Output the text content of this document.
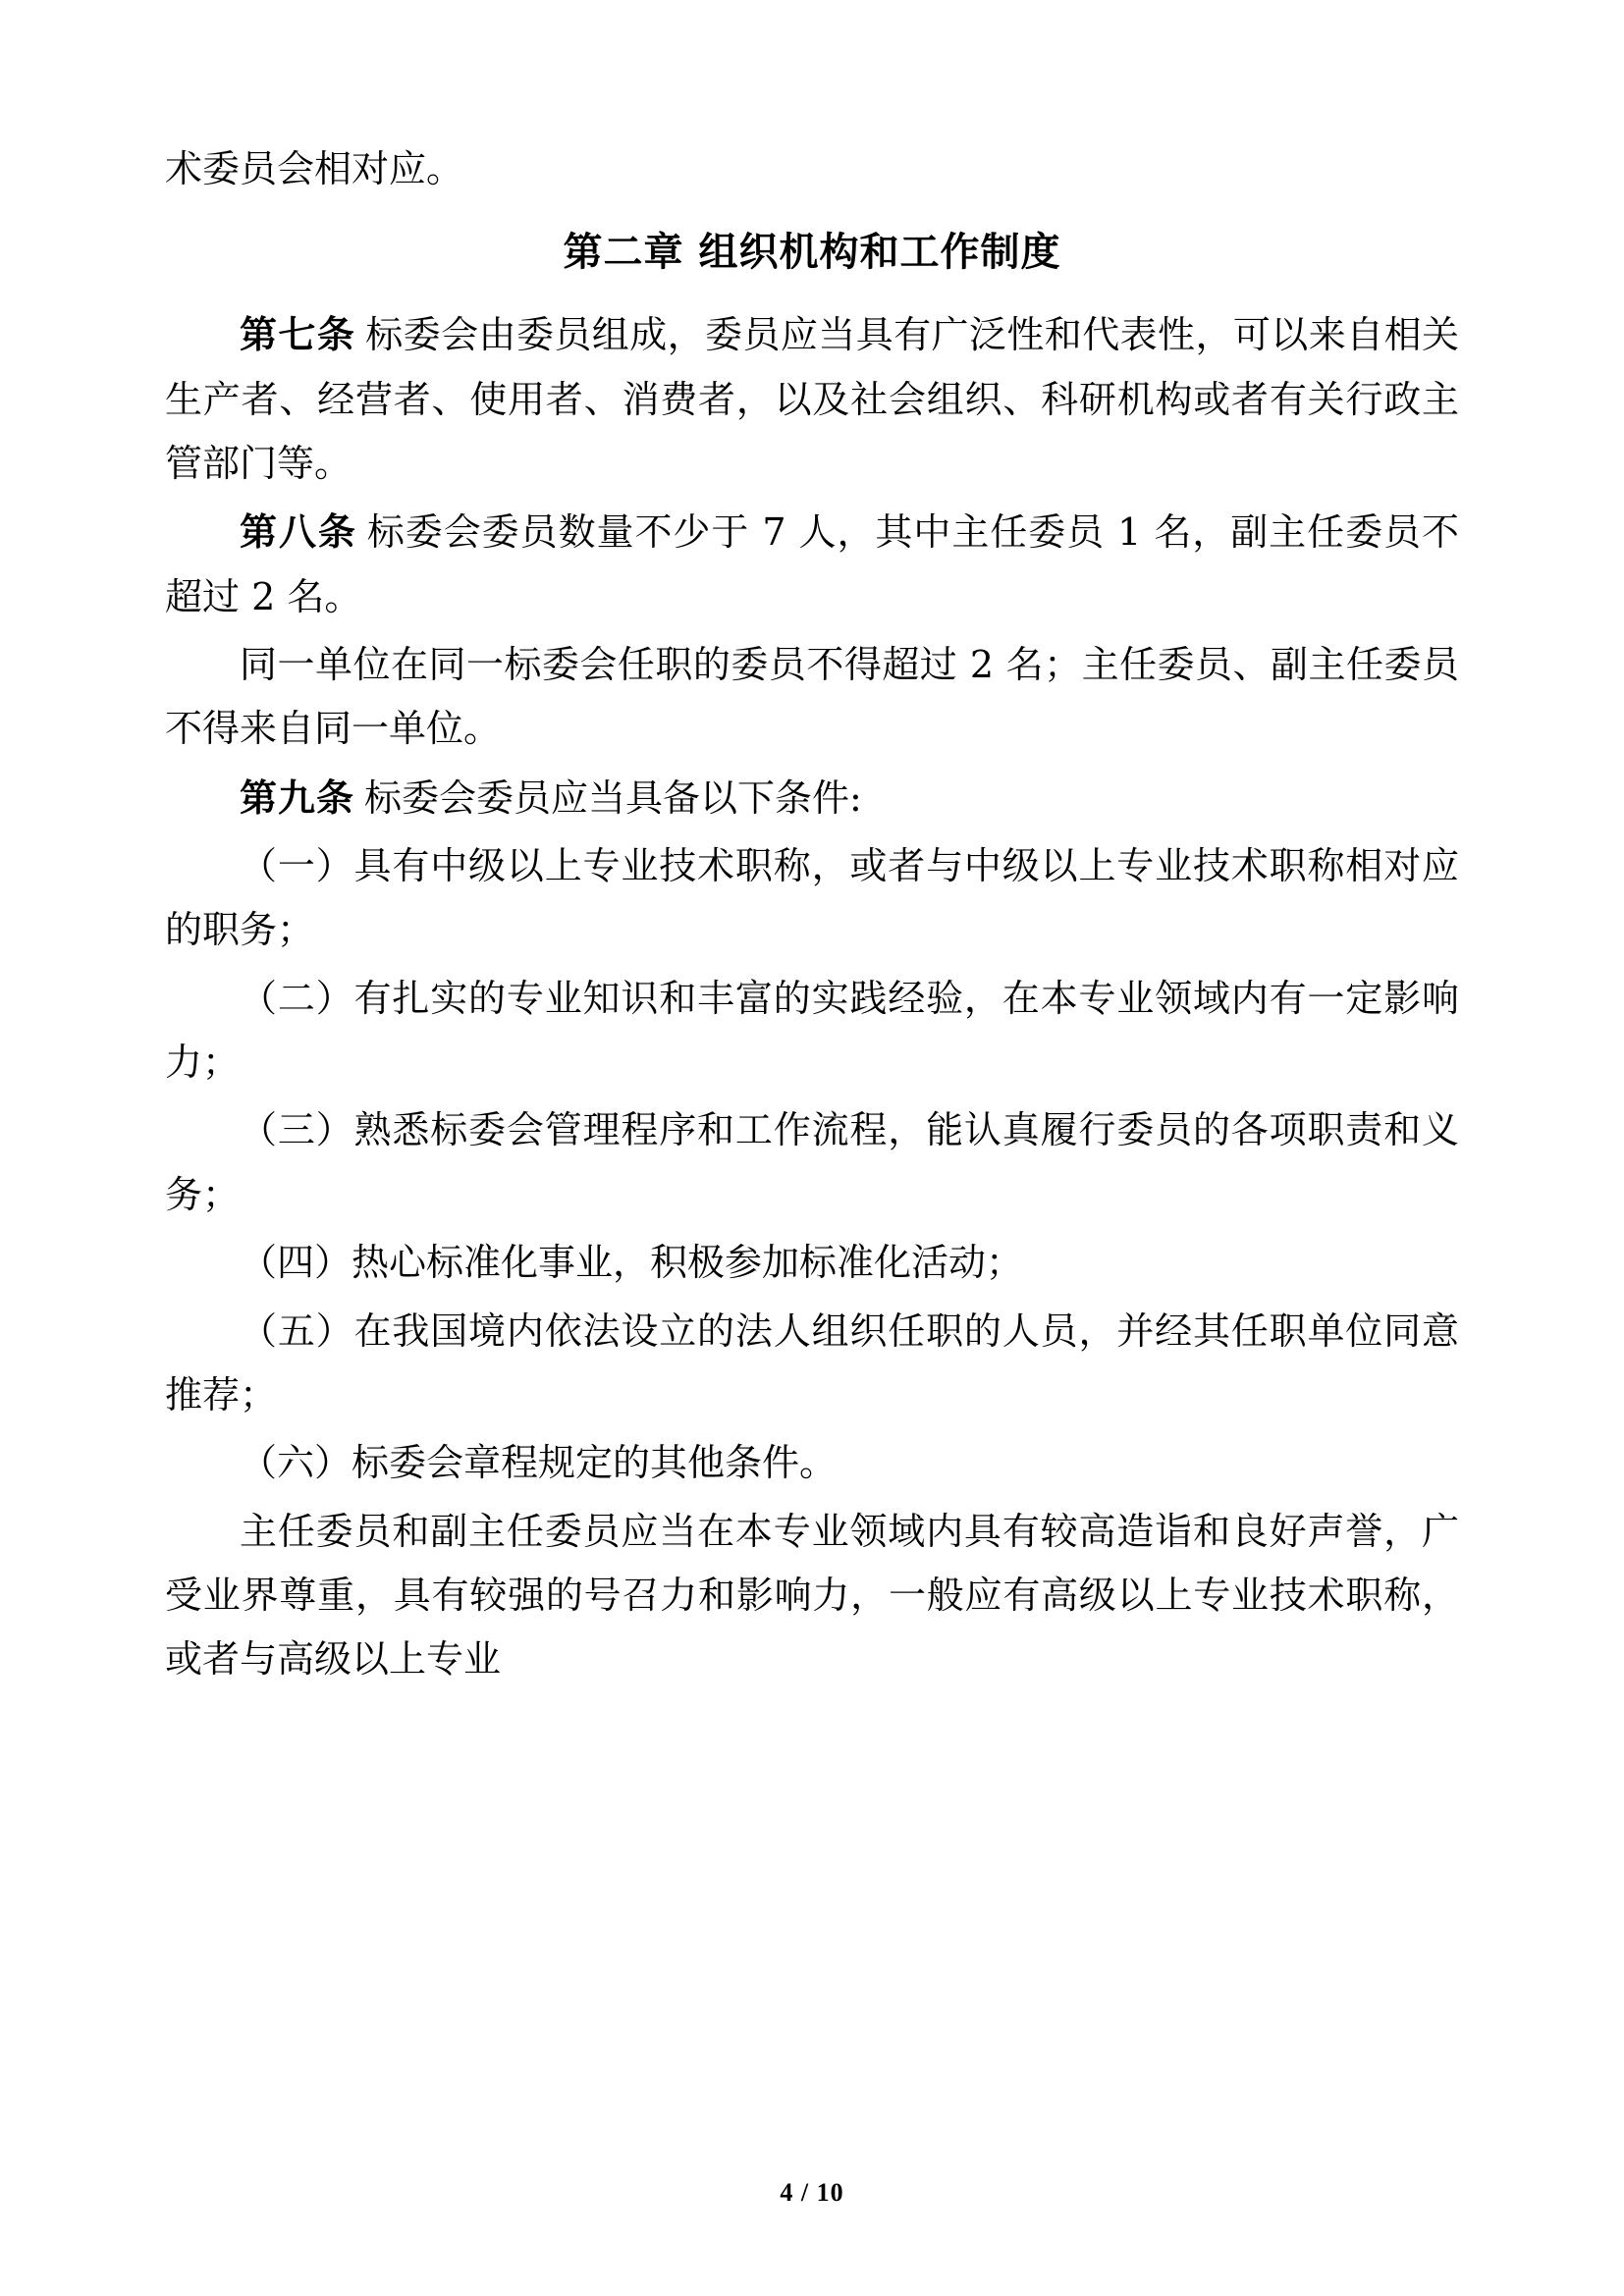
术委员会相对应。

第二章 组织机构和工作制度

第七条 标委会由委员组成，委员应当具有广泛性和代表性，可以来自相关生产者、经营者、使用者、消费者，以及社会组织、科研机构或者有关行政主管部门等。

第八条 标委会委员数量不少于 7 人，其中主任委员 1 名，副主任委员不超过 2 名。

同一单位在同一标委会任职的委员不得超过 2 名；主任委员、副主任委员不得来自同一单位。

第九条 标委会委员应当具备以下条件:

（一）具有中级以上专业技术职称，或者与中级以上专业技术职称相对应的职务；

（二）有扎实的专业知识和丰富的实践经验，在本专业领域内有一定影响力；

（三）熟悉标委会管理程序和工作流程，能认真履行委员的各项职责和义务；

（四）热心标准化事业，积极参加标准化活动；

（五）在我国境内依法设立的法人组织任职的人员，并经其任职单位同意推荐；

（六）标委会章程规定的其他条件。

主任委员和副主任委员应当在本专业领域内具有较高造诣和良好声誉，广受业界尊重，具有较强的号召力和影响力，一般应有高级以上专业技术职称，或者与高级以上专业

4 / 10
